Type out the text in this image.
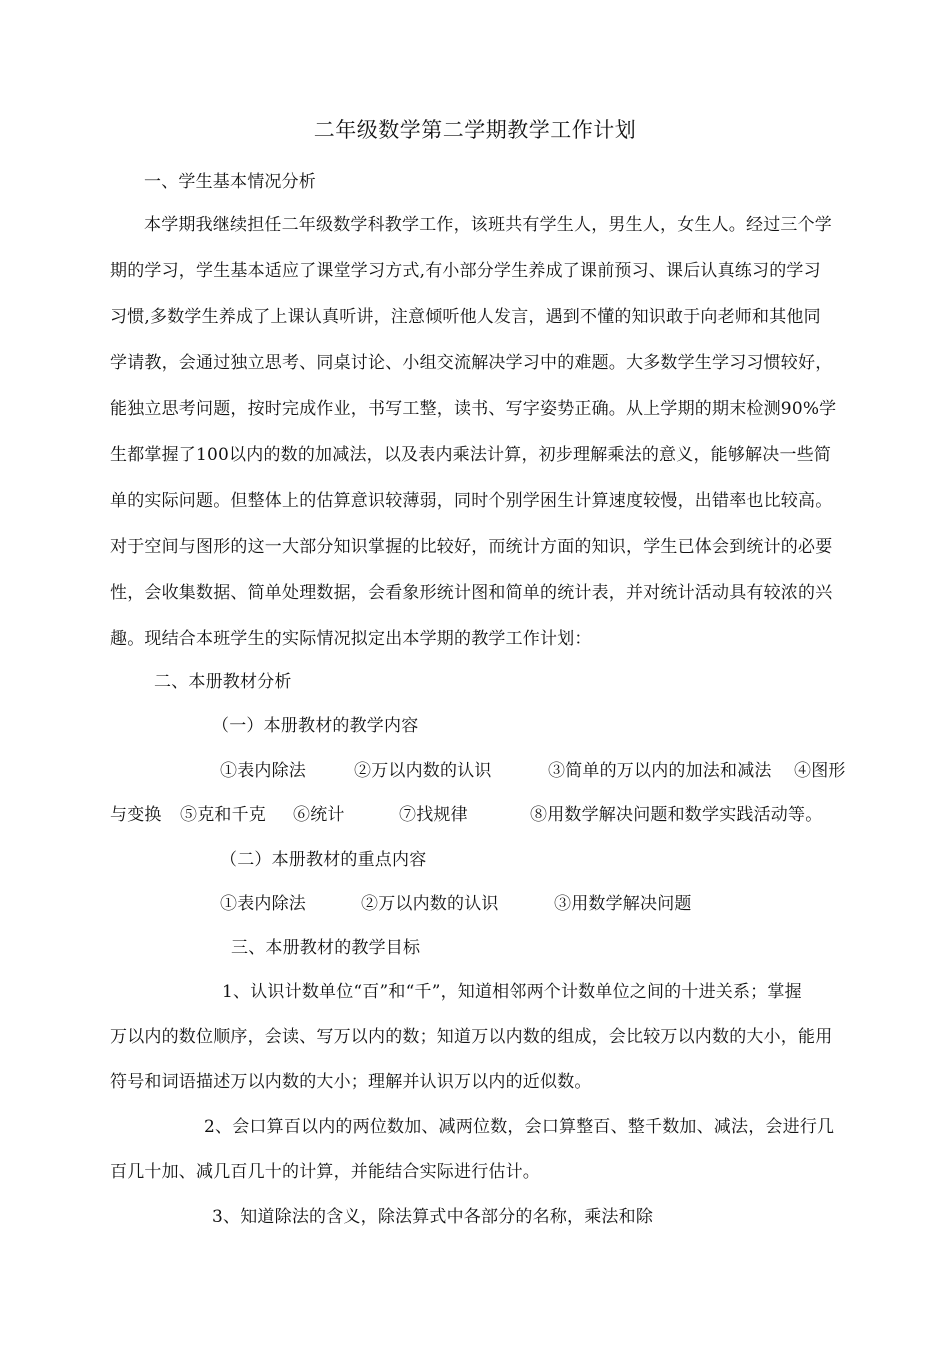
二年级数学第二学期教学工作计划
一、学生基本情况分析
本学期我继续担任二年级数学科教学工作，该班共有学生人，男生人，女生人。经过三个学
期的学习，学生基本适应了课堂学习方式,有小部分学生养成了课前预习、课后认真练习的学习
习惯,多数学生养成了上课认真听讲，注意倾听他人发言，遇到不懂的知识敢于向老师和其他同
学请教，会通过独立思考、同桌讨论、小组交流解决学习中的难题。大多数学生学习习惯较好，
能独立思考问题，按时完成作业，书写工整，读书、写字姿势正确。从上学期的期末检测90%学
生都掌握了100以内的数的加减法，以及表内乘法计算，初步理解乘法的意义，能够解决一些简
单的实际问题。但整体上的估算意识较薄弱，同时个别学困生计算速度较慢，出错率也比较高。
对于空间与图形的这一大部分知识掌握的比较好，而统计方面的知识，学生已体会到统计的必要
性，会收集数据、简单处理数据，会看象形统计图和简单的统计表，并对统计活动具有较浓的兴
趣。现结合本班学生的实际情况拟定出本学期的教学工作计划：
二、本册教材分析
（一）本册教材的教学内容
①表内除法	②万以内数的认识	③简单的万以内的加法和减法 ④图形
与变换 ⑤克和千克 ⑥统计	⑦找规律	⑧用数学解决问题和数学实践活动等。
（二）本册教材的重点内容
①表内除法	②万以内数的认识	③用数学解决问题
三、本册教材的教学目标
1、认识计数单位“百”和“千”，知道相邻两个计数单位之间的十进关系；掌握
万以内的数位顺序，会读、写万以内的数；知道万以内数的组成，会比较万以内数的大小，能用
符号和词语描述万以内数的大小；理解并认识万以内的近似数。
2、会口算百以内的两位数加、减两位数，会口算整百、整千数加、减法，会进行几
百几十加、减几百几十的计算，并能结合实际进行估计。
3、知道除法的含义，除法算式中各部分的名称，乘法和除
